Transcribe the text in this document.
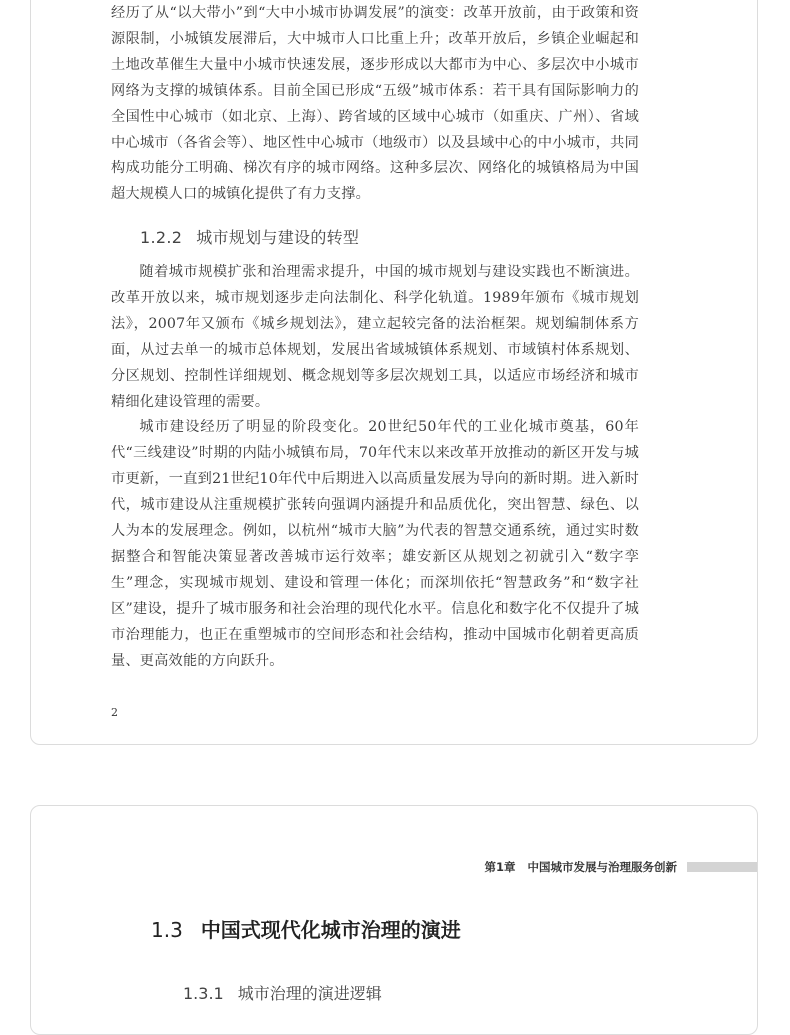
经历了从“以大带小”到“大中小城市协调发展”的演变：改革开放前，由于政策和资源限制，小城镇发展滞后，大中城市人口比重上升；改革开放后，乡镇企业崛起和土地改革催生大量中小城市快速发展，逐步形成以大都市为中心、多层次中小城市网络为支撑的城镇体系。目前全国已形成“五级”城市体系：若干具有国际影响力的全国性中心城市（如北京、上海）、跨省域的区域中心城市（如重庆、广州）、省域中心城市（各省会等）、地区性中心城市（地级市）以及县域中心的中小城市，共同构成功能分工明确、梯次有序的城市网络。这种多层次、网络化的城镇格局为中国超大规模人口的城镇化提供了有力支撑。

1.2.2 城市规划与建设的转型

随着城市规模扩张和治理需求提升，中国的城市规划与建设实践也不断演进。改革开放以来，城市规划逐步走向法制化、科学化轨道。1989年颁布《城市规划法》，2007年又颁布《城乡规划法》，建立起较完备的法治框架。规划编制体系方面，从过去单一的城市总体规划，发展出省域城镇体系规划、市域镇村体系规划、分区规划、控制性详细规划、概念规划等多层次规划工具，以适应市场经济和城市精细化建设管理的需要。

城市建设经历了明显的阶段变化。20世纪50年代的工业化城市奠基，60年代“三线建设”时期的内陆小城镇布局，70年代末以来改革开放推动的新区开发与城市更新，一直到21世纪10年代中后期进入以高质量发展为导向的新时期。进入新时代，城市建设从注重规模扩张转向强调内涵提升和品质优化，突出智慧、绿色、以人为本的发展理念。例如，以杭州“城市大脑”为代表的智慧交通系统，通过实时数据整合和智能决策显著改善城市运行效率；雄安新区从规划之初就引入“数字孪生”理念，实现城市规划、建设和管理一体化；而深圳依托“智慧政务”和“数字社区”建设，提升了城市服务和社会治理的现代化水平。信息化和数字化不仅提升了城市治理能力，也正在重塑城市的空间形态和社会结构，推动中国城市化朝着更高质量、更高效能的方向跃升。

2
第1章 中国城市发展与治理服务创新
1.3 中国式现代化城市治理的演进
1.3.1 城市治理的演进逻辑
